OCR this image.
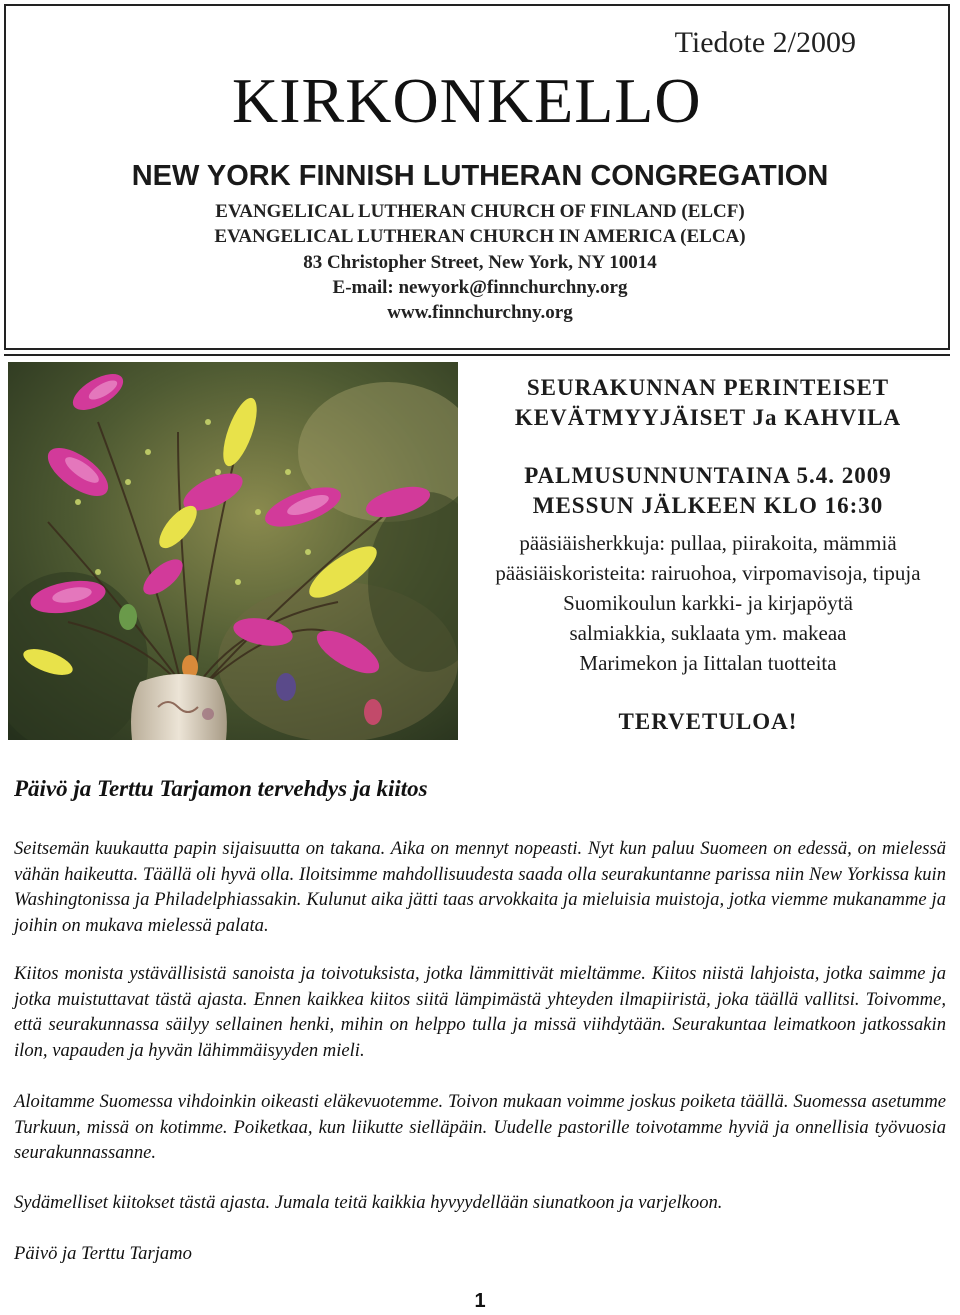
Tiedote 2/2009
KIRKONKELLO
NEW YORK FINNISH LUTHERAN CONGREGATION
EVANGELICAL LUTHERAN CHURCH OF FINLAND (ELCF)
EVANGELICAL LUTHERAN CHURCH IN AMERICA (ELCA)
83 Christopher Street, New York, NY 10014
E-mail: newyork@finnchurchny.org
www.finnchurchny.org
SEURAKUNNAN PERINTEISET
KEVÄTMYYJÄISET Ja KAHVILA
PALMUSUNNUNTAINA 5.4. 2009
MESSUN JÄLKEEN KLO 16:30
pääsiäisherkkuja: pullaa, piirakoita, mämmiä
pääsiäiskoristeita: rairuohoa, virpomavisoja, tipuja
Suomikoulun karkki- ja kirjapöytä
salmiakkia, suklaata ym. makeaa
Marimekon ja Iittalan tuotteita
TERVETULOA!
Päivö ja Terttu Tarjamon tervehdys ja kiitos

Seitsemän kuukautta papin sijaisuutta on takana. Aika on mennyt nopeasti. Nyt kun paluu Suomeen on edessä, on mielessä vähän haikeutta. Täällä oli hyvä olla. Iloitsimme mahdollisuudesta saada olla seurakuntanne parissa niin New Yorkissa kuin Washingtonissa ja Philadelphiassakin. Kulunut aika jätti taas arvokkaita ja mieluisia muistoja, jotka viemme mukanamme ja joihin on mukava mielessä palata.

Kiitos monista ystävällisistä sanoista ja toivotuksista, jotka lämmittivät mieltämme. Kiitos niistä lahjoista, jotka saimme ja jotka muistuttavat tästä ajasta. Ennen kaikkea kiitos siitä lämpimästä yhteyden ilmapiiristä, joka täällä vallitsi. Toivomme, että seurakunnassa säilyy sellainen henki, mihin on helppo tulla ja missä viihdytään. Seurakuntaa leimatkoon jatkossakin ilon, vapauden ja hyvän lähimmäisyyden mieli.

Aloitamme Suomessa vihdoinkin oikeasti eläkevuotemme. Toivon mukaan voimme joskus poiketa täällä. Suomessa asetumme Turkuun, missä on kotimme. Poiketkaa, kun liikutte sielläpäin. Uudelle pastorille toivotamme hyviä ja onnellisia työvuosia seurakunnassanne.

Sydämelliset kiitokset tästä ajasta. Jumala teitä kaikkia hyvyydellään siunatkoon ja varjelkoon.

Päivö ja Terttu Tarjamo

1
